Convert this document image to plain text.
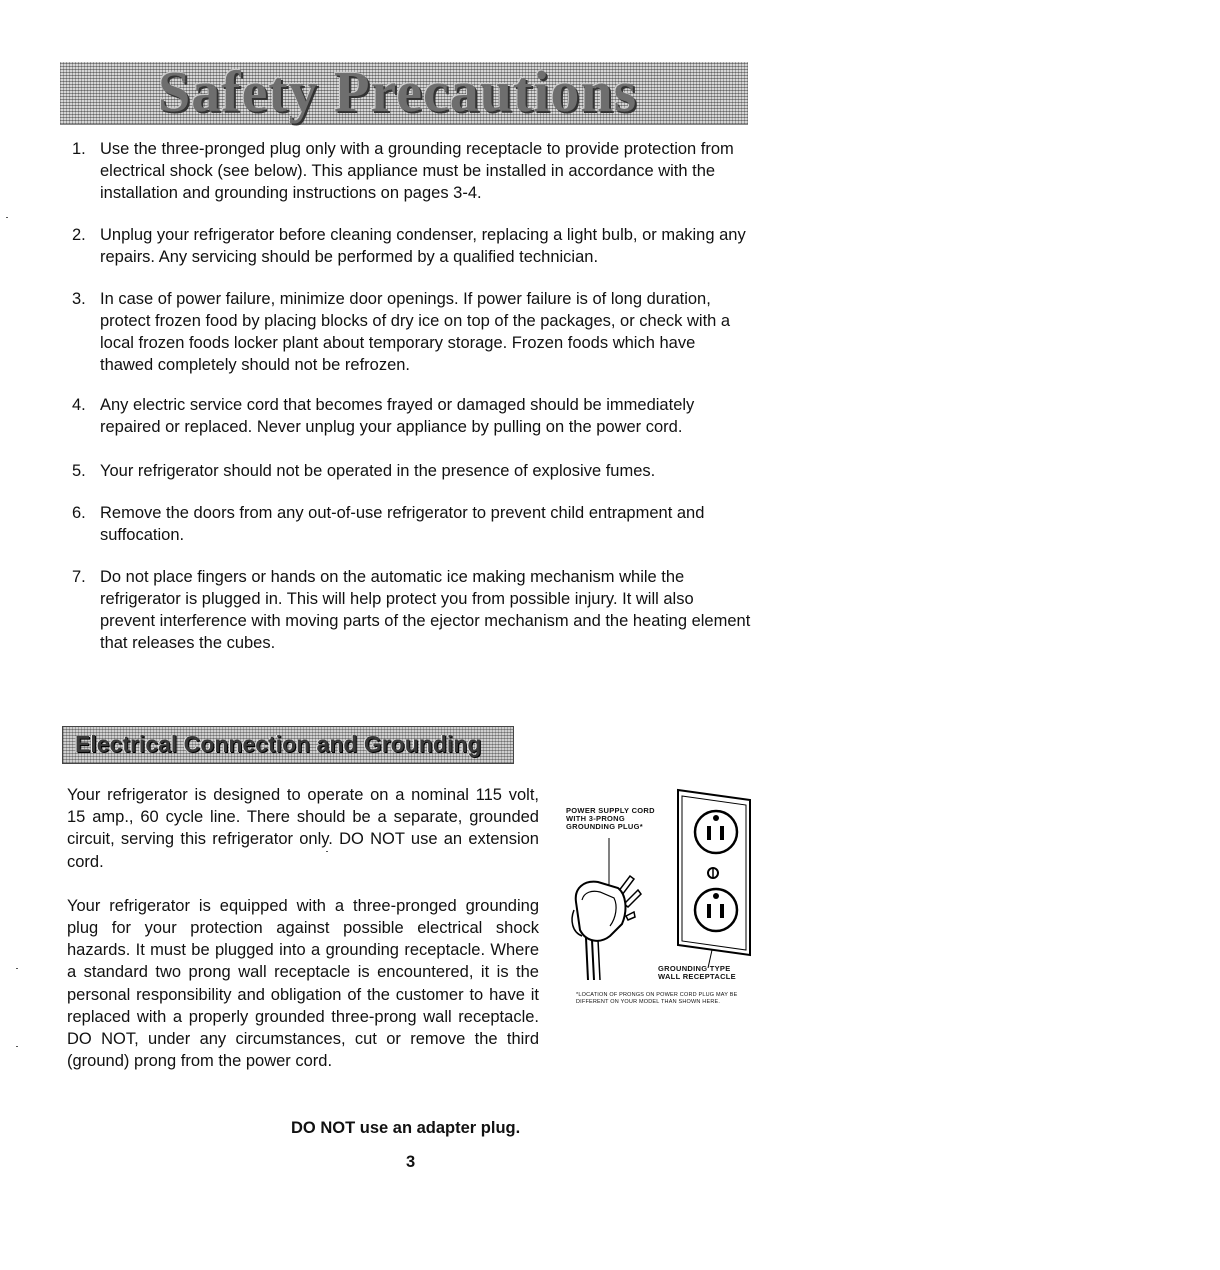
Safety Precautions
1. Use the three-pronged plug only with a grounding receptacle to provide protection from electrical shock (see below). This appliance must be installed in accordance with the installation and grounding instructions on pages 3-4.
2. Unplug your refrigerator before cleaning condenser, replacing a light bulb, or making any repairs. Any servicing should be performed by a qualified technician.
3. In case of power failure, minimize door openings. If power failure is of long duration, protect frozen food by placing blocks of dry ice on top of the packages, or check with a local frozen foods locker plant about temporary storage. Frozen foods which have thawed completely should not be refrozen.
4. Any electric service cord that becomes frayed or damaged should be immediately repaired or replaced. Never unplug your appliance by pulling on the power cord.
5. Your refrigerator should not be operated in the presence of explosive fumes.
6. Remove the doors from any out-of-use refrigerator to prevent child entrapment and suffocation.
7. Do not place fingers or hands on the automatic ice making mechanism while the refrigerator is plugged in. This will help protect you from possible injury. It will also prevent interference with moving parts of the ejector mechanism and the heating element that releases the cubes.
Electrical Connection and Grounding

Your refrigerator is designed to operate on a nominal 115 volt, 15 amp., 60 cycle line. There should be a separate, grounded circuit, serving this refrigerator only. DO NOT use an extension cord.

Your refrigerator is equipped with a three-pronged grounding plug for your protection against possible electrical shock hazards. It must be plugged into a grounding receptacle. Where a standard two prong wall receptacle is encountered, it is the personal responsibility and obligation of the customer to have it replaced with a properly grounded three-prong wall receptacle. DO NOT, under any circumstances, cut or remove the third (ground) prong from the power cord.

POWER SUPPLY CORD
WITH 3-PRONG
GROUNDING PLUG*
GROUNDING TYPE
WALL RECEPTACLE
*LOCATION OF PRONGS ON POWER CORD PLUG MAY BE DIFFERENT ON YOUR MODEL THAN SHOWN HERE.

DO NOT use an adapter plug.

3
